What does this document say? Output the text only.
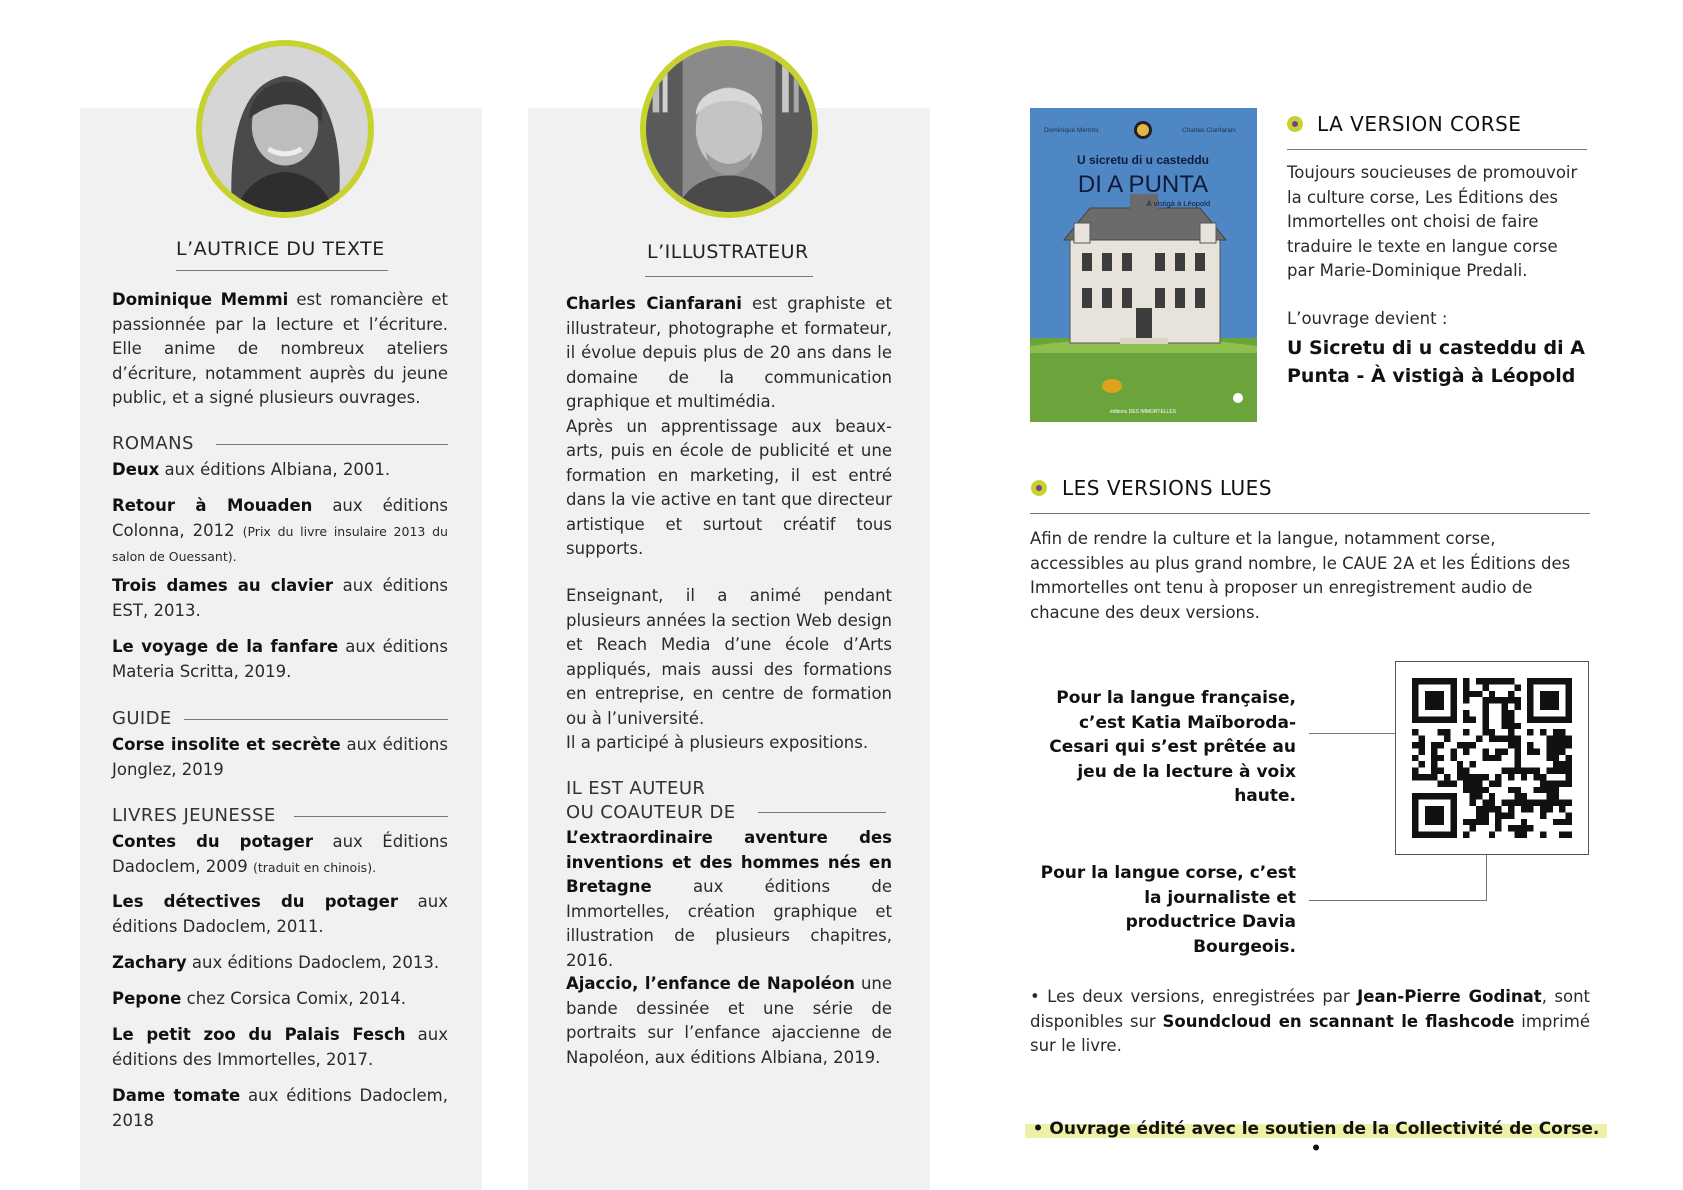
L’AUTRICE DU TEXTE
Dominique Memmi est romancière et passionnée par la lecture et l’écriture. Elle anime de nombreux ateliers d’écriture, notamment auprès du jeune public, et a signé plusieurs ouvrages.
ROMANS
Deux aux éditions Albiana, 2001.
Retour à Mouaden aux éditions Colonna, 2012 (Prix du livre insulaire 2013 du salon de Ouessant).
Trois dames au clavier aux éditions EST, 2013.
Le voyage de la fanfare aux éditions Materia Scritta, 2019.
GUIDE
Corse insolite et secrète aux éditions Jonglez, 2019
LIVRES JEUNESSE
Contes du potager aux Éditions Dadoclem, 2009 (traduit en chinois).
Les détectives du potager aux éditions Dadoclem, 2011.
Zachary aux éditions Dadoclem, 2013.
Pepone chez Corsica Comix, 2014.
Le petit zoo du Palais Fesch aux éditions des Immortelles, 2017.
Dame tomate aux éditions Dadoclem, 2018
L’ILLUSTRATEUR
Charles Cianfarani est graphiste et illustrateur, photographe et formateur, il évolue depuis plus de 20 ans dans le domaine de la communication graphique et multimédia.
Après un apprentissage aux beaux-arts, puis en école de publicité et une formation en marketing, il est entré dans la vie active en tant que directeur artistique et surtout créatif tous supports.
Enseignant, il a animé pendant plusieurs années la section Web design et Reach Media d’une école d’Arts appliqués, mais aussi des formations en entreprise, en centre de formation ou à l’université.
Il a participé à plusieurs expositions.
IL EST AUTEUR
OU COAUTEUR DE
L’extraordinaire aventure des inventions et des hommes nés en Bretagne aux éditions de Immortelles, création graphique et illustration de plusieurs chapitres, 2016.
Ajaccio, l’enfance de Napoléon une bande dessinée et une série de portraits sur l’enfance ajaccienne de Napoléon, aux éditions Albiana, 2019.
Dominique Memmi	Charles Cianfarani
U sicretu di u casteddu
DI A PUNTA
À vistigà à Léopold
éditions DES IMMORTELLES
LA VERSION CORSE
Toujours soucieuses de promouvoir la culture corse, Les Éditions des Immortelles ont choisi de faire traduire le texte en langue corse par Marie-Dominique Predali.
L’ouvrage devient :
U Sicretu di u casteddu di A Punta - À vistigà à Léopold
LES VERSIONS LUES
Afin de rendre la culture et la langue, notamment corse, accessibles au plus grand nombre, le CAUE 2A et les Éditions des Immortelles ont tenu à proposer un enregistrement audio de chacune des deux versions.
Pour la langue française, c’est Katia Maïboroda-Cesari qui s’est prêtée au jeu de la lecture à voix haute.
Pour la langue corse, c’est la journaliste et productrice Davia Bourgeois.
• Les deux versions, enregistrées par Jean-Pierre Godinat, sont disponibles sur Soundcloud en scannant le flashcode imprimé sur le livre.
• Ouvrage édité avec le soutien de la Collectivité de Corse. •
